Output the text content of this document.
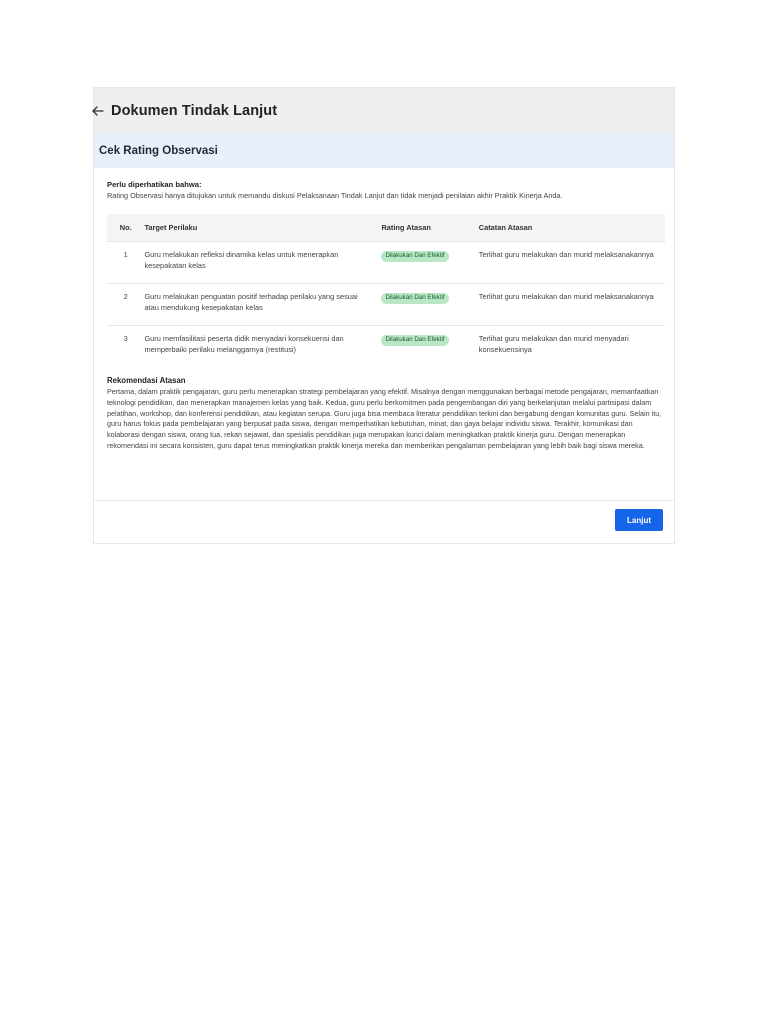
Dokumen Tindak Lanjut
Cek Rating Observasi
Perlu diperhatikan bahwa:
Rating Observasi hanya ditujukan untuk memandu diskusi Pelaksanaan Tindak Lanjut dan tidak menjadi penilaian akhir Praktik Kinerja Anda.
No.	Target Perilaku	Rating Atasan	Catatan Atasan
1	Guru melakukan refleksi dinamika kelas untuk menerapkan kesepakatan kelas	Dilakukan Dan Efektif	Terlihat guru melakukan dan murid melaksanakannya
2	Guru melakukan penguatan positif terhadap perilaku yang sesuai atau mendukung kesepakatan kelas	Dilakukan Dan Efektif	Terlihat guru melakukan dan murid melaksanakannya
3	Guru memfasilitasi peserta didik menyadari konsekuensi dan memperbaiki perilaku melanggarnya (restitusi)	Dilakukan Dan Efektif	Terlihat guru melakukan dan murid menyadari konsekuensinya
Rekomendasi Atasan
Pertama, dalam praktik pengajaran, guru perlu menerapkan strategi pembelajaran yang efektif. Misalnya dengan menggunakan berbagai metode pengajaran, memanfaatkan teknologi pendidikan, dan menerapkan manajemen kelas yang baik. Kedua, guru perlu berkomitmen pada pengembangan diri yang berkelanjutan melalui partisipasi dalam pelatihan, workshop, dan konferensi pendidikan, atau kegiatan serupa. Guru juga bisa membaca literatur pendidikan terkini dan bergabung dengan komunitas guru. Selain itu, guru harus fokus pada pembelajaran yang berpusat pada siswa, dengan memperhatikan kebutuhan, minat, dan gaya belajar individu siswa. Terakhir, komunikasi dan kolaborasi dengan siswa, orang tua, rekan sejawat, dan spesialis pendidikan juga merupakan kunci dalam meningkatkan praktik kinerja guru. Dengan menerapkan rekomendasi ini secara konsisten, guru dapat terus meningkatkan praktik kinerja mereka dan memberikan pengalaman pembelajaran yang lebih baik bagi siswa mereka.
Lanjut
